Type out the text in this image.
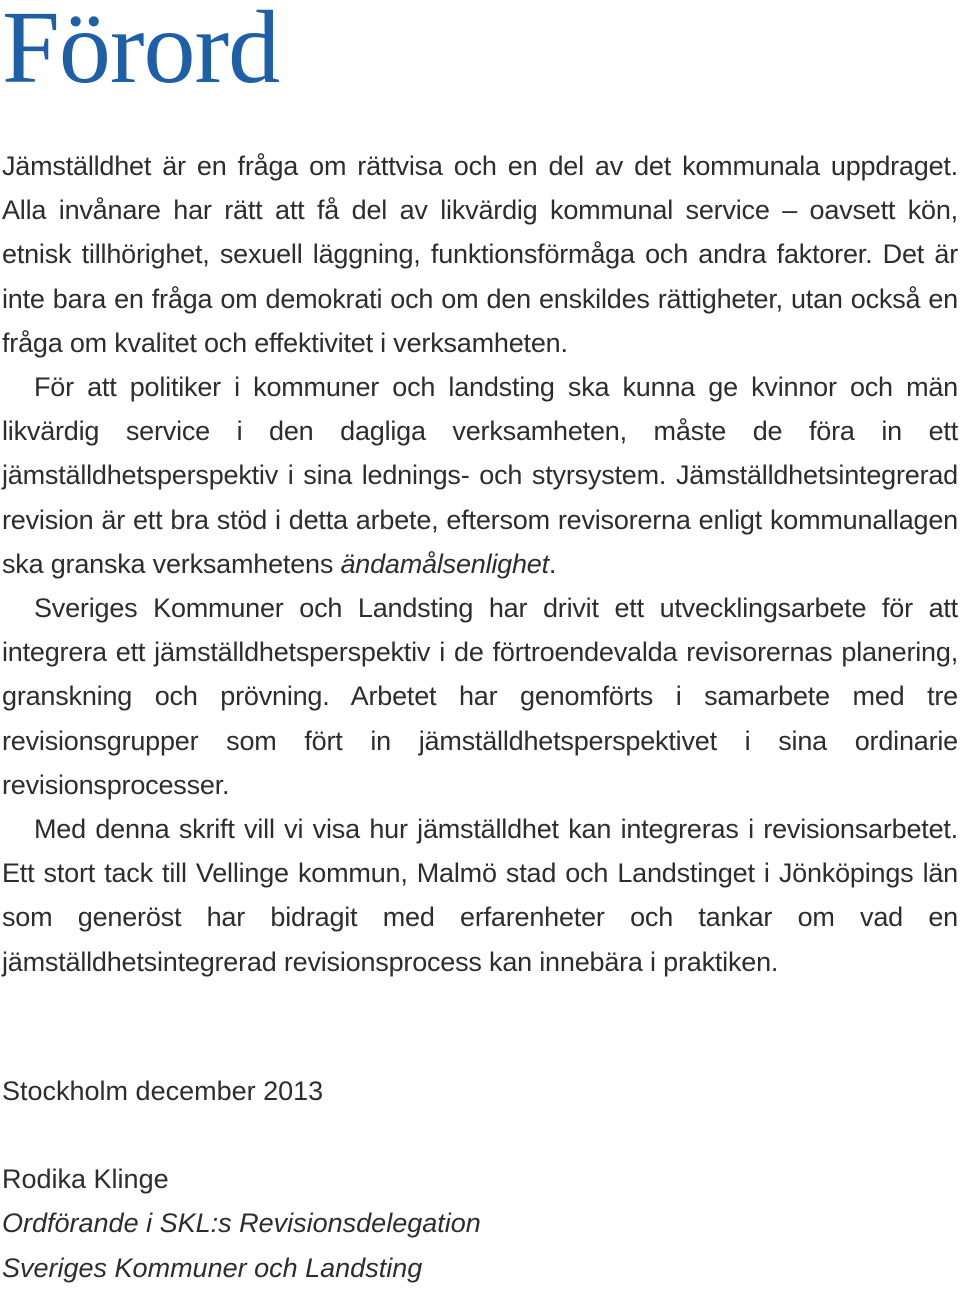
Förord

Jämställdhet är en fråga om rättvisa och en del av det kommunala uppdraget. Alla invånare har rätt att få del av likvärdig kommunal service – oavsett kön, etnisk tillhörighet, sexuell läggning, funktionsförmåga och andra faktorer. Det är inte bara en fråga om demokrati och om den enskildes rättigheter, utan också en fråga om kvalitet och effektivitet i verksamheten.

För att politiker i kommuner och landsting ska kunna ge kvinnor och män likvärdig service i den dagliga verksamheten, måste de föra in ett jämställdhetsperspektiv i sina lednings- och styrsystem. Jämställdhetsintegrerad revision är ett bra stöd i detta arbete, eftersom revisorerna enligt kommunallagen ska granska verksamhetens ändamålsenlighet.

Sveriges Kommuner och Landsting har drivit ett utvecklingsarbete för att integrera ett jämställdhetsperspektiv i de förtroendevalda revisorernas planering, granskning och prövning. Arbetet har genomförts i samarbete med tre revisionsgrupper som fört in jämställdhetsperspektivet i sina ordinarie revisionsprocesser.

Med denna skrift vill vi visa hur jämställdhet kan integreras i revisionsarbetet. Ett stort tack till Vellinge kommun, Malmö stad och Landstinget i Jönköpings län som generöst har bidragit med erfarenheter och tankar om vad en jämställdhetsintegrerad revisionsprocess kan innebära i praktiken.

Stockholm december 2013

Rodika Klinge

Ordförande i SKL:s Revisionsdelegation

Sveriges Kommuner och Landsting
